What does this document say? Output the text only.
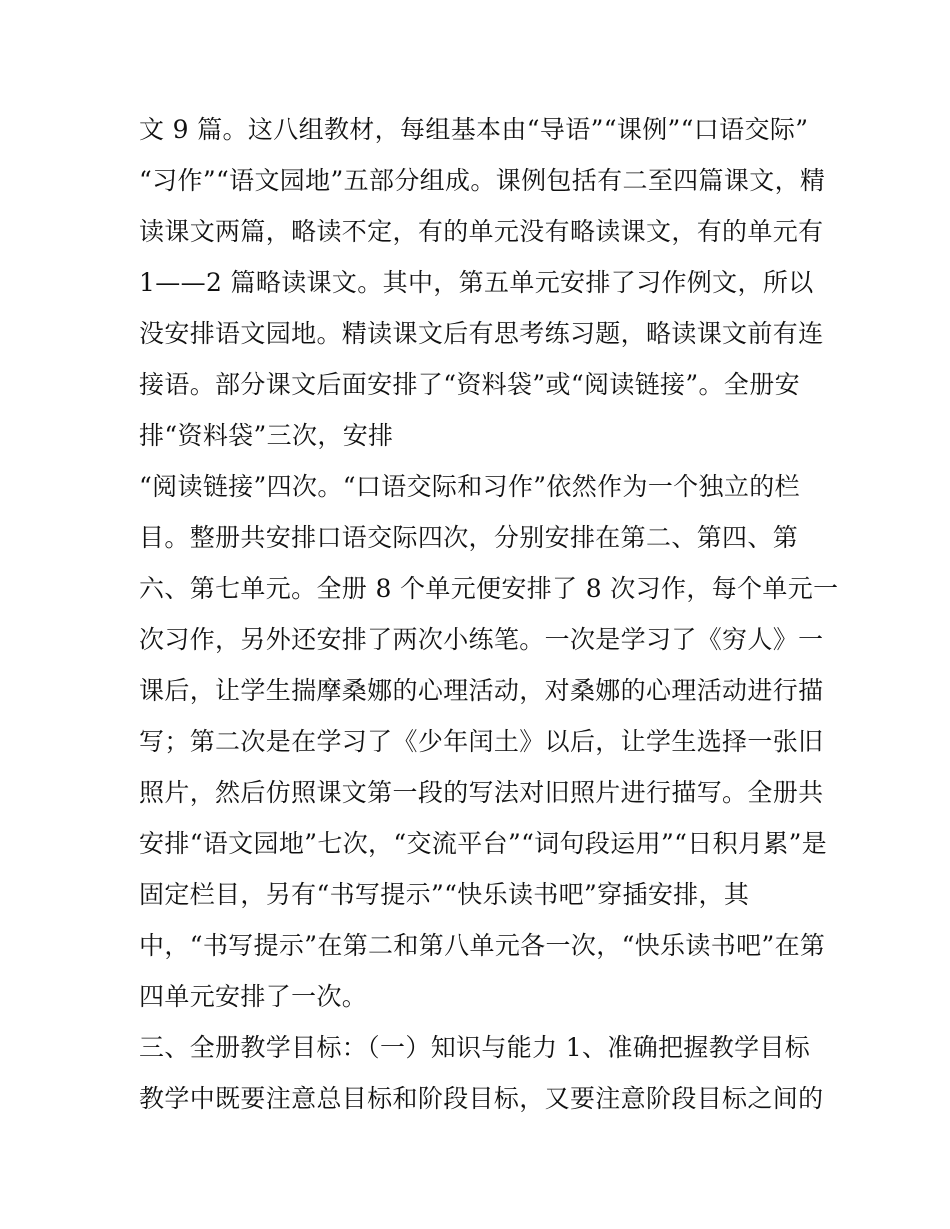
文 9 篇。这八组教材，每组基本由“导语”“课例”“口语交际”

“习作”“语文园地”五部分组成。课例包括有二至四篇课文，精

读课文两篇，略读不定，有的单元没有略读课文，有的单元有

1——2 篇略读课文。其中，第五单元安排了习作例文，所以

没安排语文园地。精读课文后有思考练习题，略读课文前有连

接语。部分课文后面安排了“资料袋”或“阅读链接”。全册安

排“资料袋”三次，安排

“阅读链接”四次。“口语交际和习作”依然作为一个独立的栏

目。整册共安排口语交际四次，分别安排在第二、第四、第

六、第七单元。全册 8 个单元便安排了 8 次习作，每个单元一

次习作，另外还安排了两次小练笔。一次是学习了《穷人》一

课后，让学生揣摩桑娜的心理活动，对桑娜的心理活动进行描

写；第二次是在学习了《少年闰土》以后，让学生选择一张旧

照片，然后仿照课文第一段的写法对旧照片进行描写。全册共

安排“语文园地”七次，“交流平台”“词句段运用”“日积月累”是

固定栏目，另有“书写提示”“快乐读书吧”穿插安排，其

中，“书写提示”在第二和第八单元各一次，“快乐读书吧”在第

四单元安排了一次。

三、全册教学目标：（一）知识与能力 1、准确把握教学目标

教学中既要注意总目标和阶段目标，又要注意阶段目标之间的
